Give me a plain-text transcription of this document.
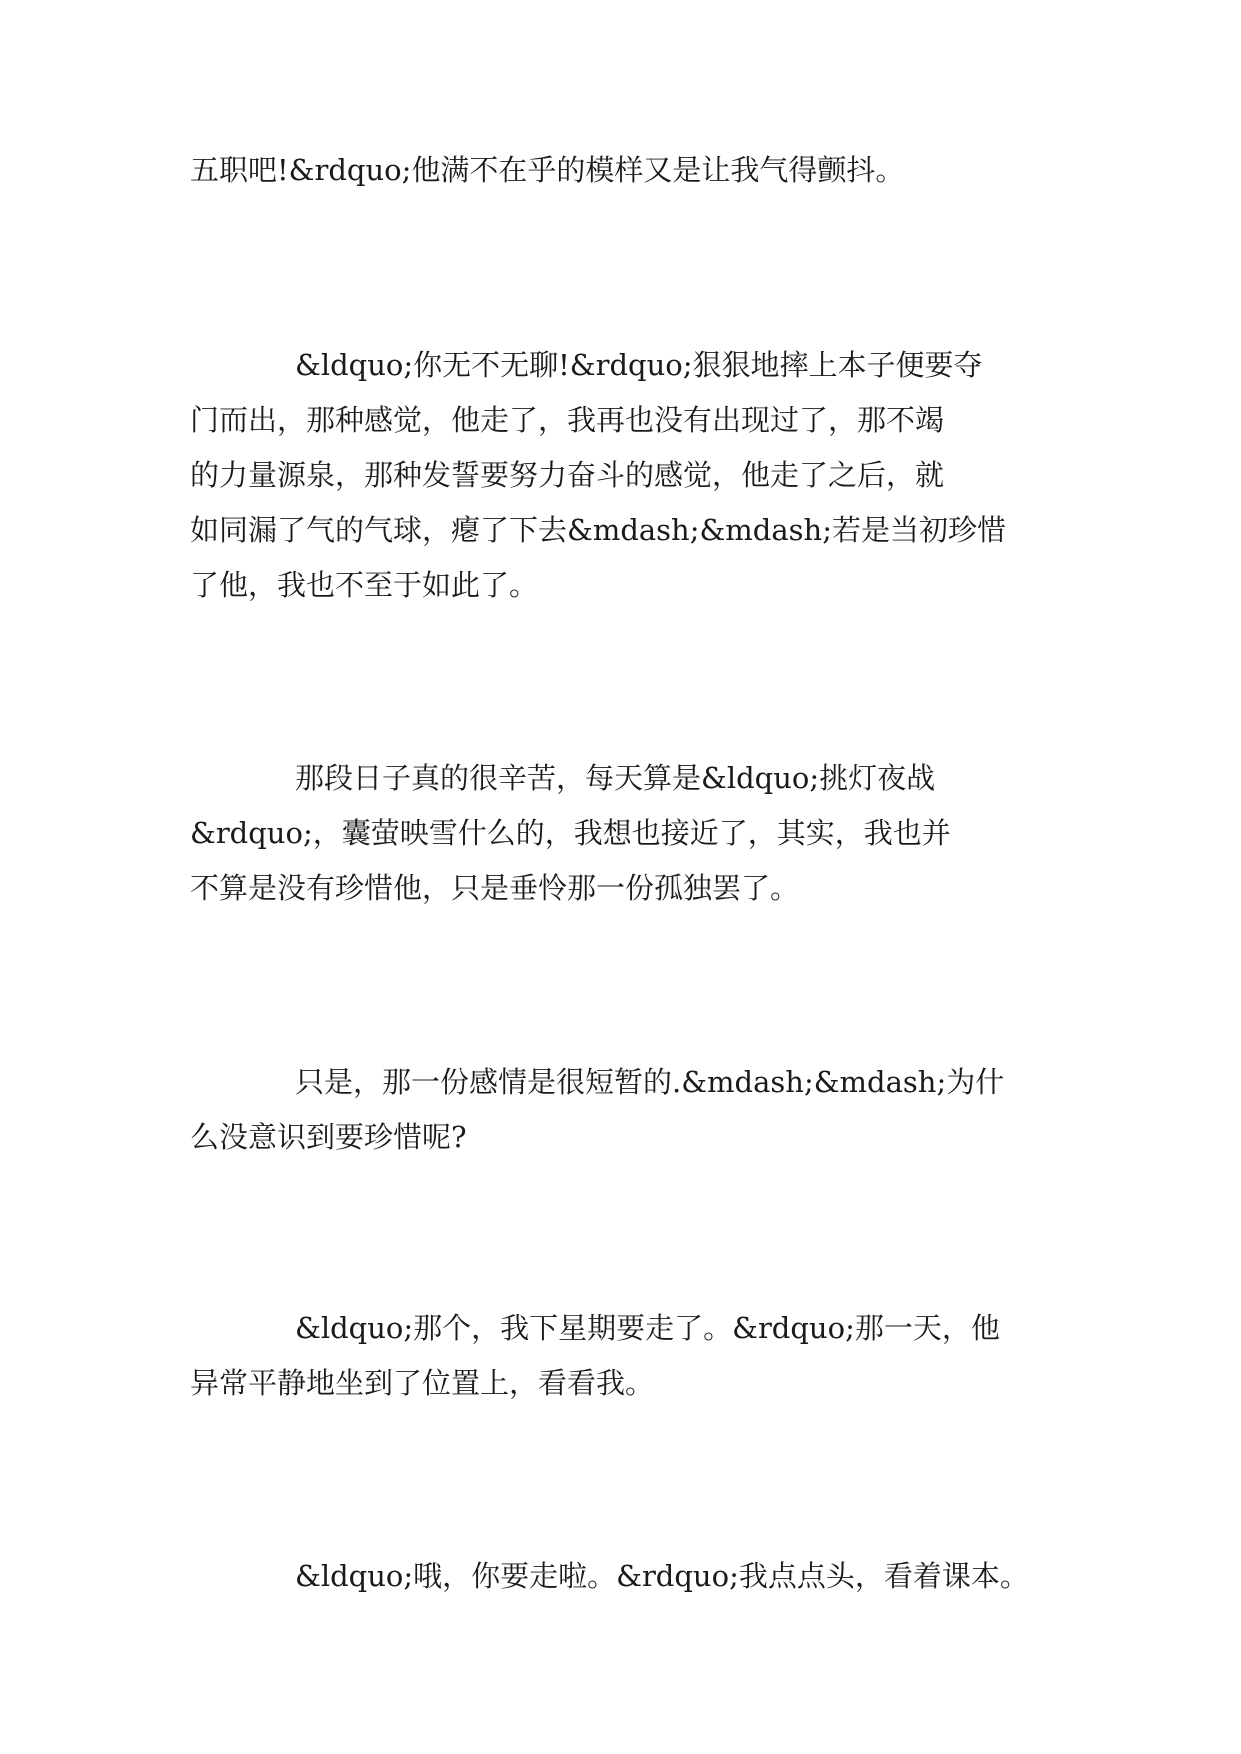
五职吧!&rdquo;他满不在乎的模样又是让我气得颤抖。
&ldquo;你无不无聊!&rdquo;狠狠地摔上本子便要夺
门而出，那种感觉，他走了，我再也没有出现过了，那不竭
的力量源泉，那种发誓要努力奋斗的感觉，他走了之后，就
如同漏了气的气球，瘪了下去&mdash;&mdash;若是当初珍惜
了他，我也不至于如此了。
那段日子真的很辛苦，每天算是&ldquo;挑灯夜战
&rdquo;，囊萤映雪什么的，我想也接近了，其实，我也并
不算是没有珍惜他，只是垂怜那一份孤独罢了。
只是，那一份感情是很短暂的.&mdash;&mdash;为什
么没意识到要珍惜呢?
&ldquo;那个，我下星期要走了。&rdquo;那一天，他
异常平静地坐到了位置上，看看我。
&ldquo;哦，你要走啦。&rdquo;我点点头，看着课本。
